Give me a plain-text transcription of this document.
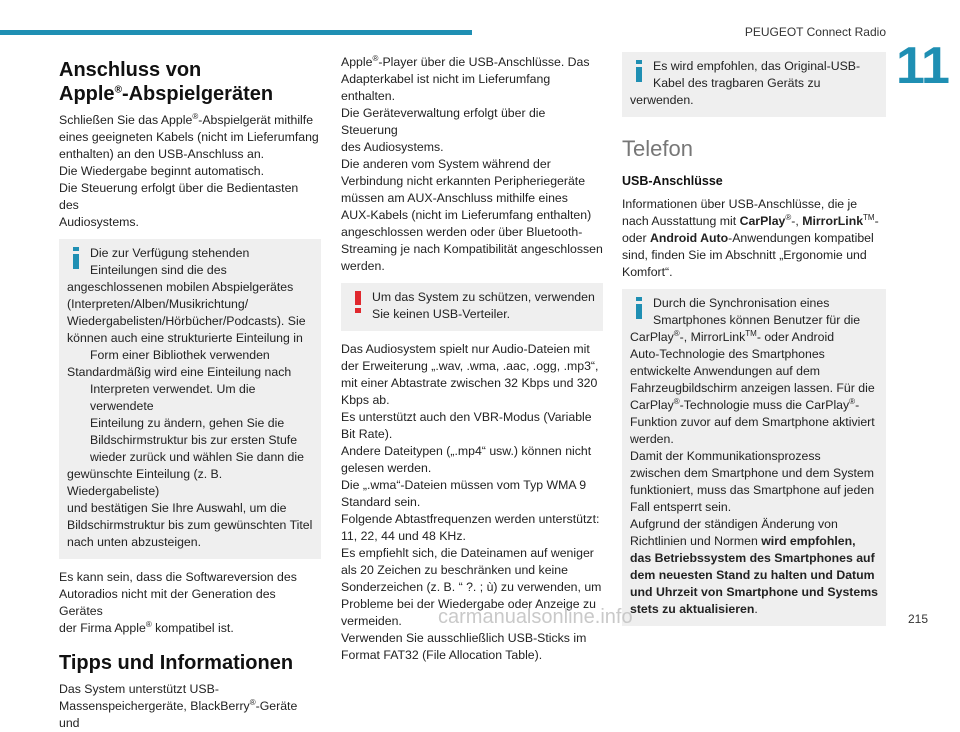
PEUGEOT Connect Radio
11
Anschluss von
Apple®-Abspielgeräten

Schließen Sie das Apple®-Abspielgerät mithilfe

eines geeigneten Kabels (nicht im Lieferumfang

enthalten) an den USB-Anschluss an.

Die Wiedergabe beginnt automatisch.

Die Steuerung erfolgt über die Bedientasten des

Audiosystems.

Die zur Verfügung stehenden

Einteilungen sind die des

angeschlossenen mobilen Abspielgerätes

(Interpreten/Alben/Musikrichtung/

Wiedergabelisten/Hörbücher/Podcasts). Sie

können auch eine strukturierte Einteilung in

Form einer Bibliothek verwenden

Standardmäßig wird eine Einteilung nach

Interpreten verwendet. Um die verwendete

Einteilung zu ändern, gehen Sie die

Bildschirmstruktur bis zur ersten Stufe

wieder zurück und wählen Sie dann die

gewünschte Einteilung (z. B. Wiedergabeliste)

und bestätigen Sie Ihre Auswahl, um die

Bildschirmstruktur bis zum gewünschten Titel

nach unten abzusteigen.

Es kann sein, dass die Softwareversion des

Autoradios nicht mit der Generation des Gerätes

der Firma Apple® kompatibel ist.

Tipps und Informationen

Das System unterstützt USB-

Massenspeichergeräte, BlackBerry®-Geräte und

Apple®-Player über die USB-Anschlüsse. Das

Adapterkabel ist nicht im Lieferumfang enthalten.

Die Geräteverwaltung erfolgt über die Steuerung

des Audiosystems.

Die anderen vom System während der

Verbindung nicht erkannten Peripheriegeräte

müssen am AUX-Anschluss mithilfe eines

AUX-Kabels (nicht im Lieferumfang enthalten)

angeschlossen werden oder über Bluetooth-

Streaming je nach Kompatibilität angeschlossen

werden.

Um das System zu schützen, verwenden

Sie keinen USB-Verteiler.

Das Audiosystem spielt nur Audio-Dateien mit

der Erweiterung „.wav, .wma, .aac, .ogg, .mp3“,

mit einer Abtastrate zwischen 32 Kbps und 320

Kbps ab.

Es unterstützt auch den VBR-Modus (Variable

Bit Rate).

Andere Dateitypen („.mp4“ usw.) können nicht

gelesen werden.

Die „.wma“-Dateien müssen vom Typ WMA 9

Standard sein.

Folgende Abtastfrequenzen werden unterstützt:

11, 22, 44 und 48 KHz.

Es empfiehlt sich, die Dateinamen auf weniger

als 20 Zeichen zu beschränken und keine

Sonderzeichen (z. B. “ ?. ; ù) zu verwenden, um

Probleme bei der Wiedergabe oder Anzeige zu

vermeiden.

Verwenden Sie ausschließlich USB-Sticks im

Format FAT32 (File Allocation Table).

Es wird empfohlen, das Original-USB-

Kabel des tragbaren Geräts zu

verwenden.

Telefon
USB-Anschlüsse

Informationen über USB-Anschlüsse, die je

nach Ausstattung mit CarPlay®-, MirrorLink™-

oder Android Auto-Anwendungen kompatibel

sind, finden Sie im Abschnitt „Ergonomie und

Komfort“.

Durch die Synchronisation eines

Smartphones können Benutzer für die

CarPlay®-, MirrorLink™- oder Android

Auto-Technologie des Smartphones

entwickelte Anwendungen auf dem

Fahrzeugbildschirm anzeigen lassen. Für die

CarPlay®-Technologie muss die CarPlay®-

Funktion zuvor auf dem Smartphone aktiviert

werden.

Damit der Kommunikationsprozess

zwischen dem Smartphone und dem System

funktioniert, muss das Smartphone auf jeden

Fall entsperrt sein.

Aufgrund der ständigen Änderung von

Richtlinien und Normen wird empfohlen,

das Betriebssystem des Smartphones auf

dem neuesten Stand zu halten und Datum

und Uhrzeit von Smartphone und Systems

stets zu aktualisieren.

carmanualsonline.info	215
